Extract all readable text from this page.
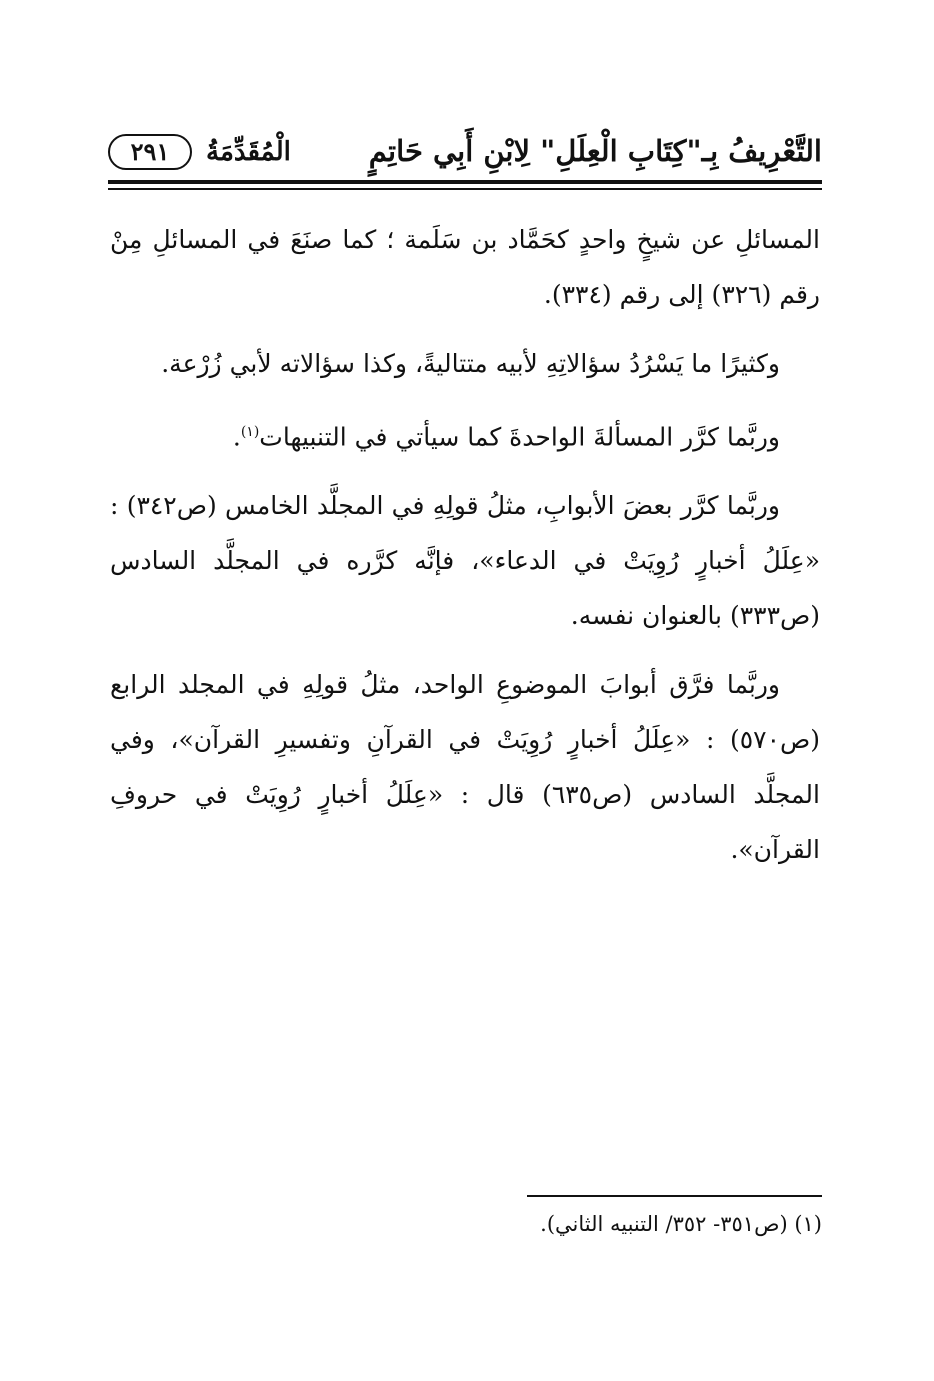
التَّعْرِيفُ بِـ"كِتَابِ الْعِلَلِ" لِابْنِ أَبِي حَاتِمٍ
الْمُقَدِّمَةُ
٢٩١

المسائلِ عن شيخٍ واحدٍ كحَمَّاد بن سَلَمة ؛ كما صنَعَ في المسائلِ مِنْ رقم (٣٢٦) إلى رقم (٣٣٤).

وكثيرًا ما يَسْرُدُ سؤالاتِهِ لأبيه متتاليةً، وكذا سؤالاته لأبي زُرْعة.

وربَّما كرَّر المسألةَ الواحدةَ كما سيأتي في التنبيهات$^{(١)}$.

وربَّما كرَّر بعضَ الأبوابِ، مثلُ قولِهِ في المجلَّد الخامس (ص٣٤٢) : «عِلَلُ أخبارٍ رُوِيَتْ في الدعاء»، فإنَّه كرَّره في المجلَّد السادس (ص٣٣٣) بالعنوان نفسه.

وربَّما فرَّق أبوابَ الموضوعِ الواحد، مثلُ قولِهِ في المجلد الرابع (ص٥٧٠) : «عِلَلُ أخبارٍ رُوِيَتْ في القرآنِ وتفسيرِ القرآن»، وفي المجلَّد السادس (ص٦٣٥) قال : «عِلَلُ أخبارٍ رُوِيَتْ في حروفِ القرآن».

(١) (ص٣٥١- ٣٥٢/ التنبيه الثاني).
